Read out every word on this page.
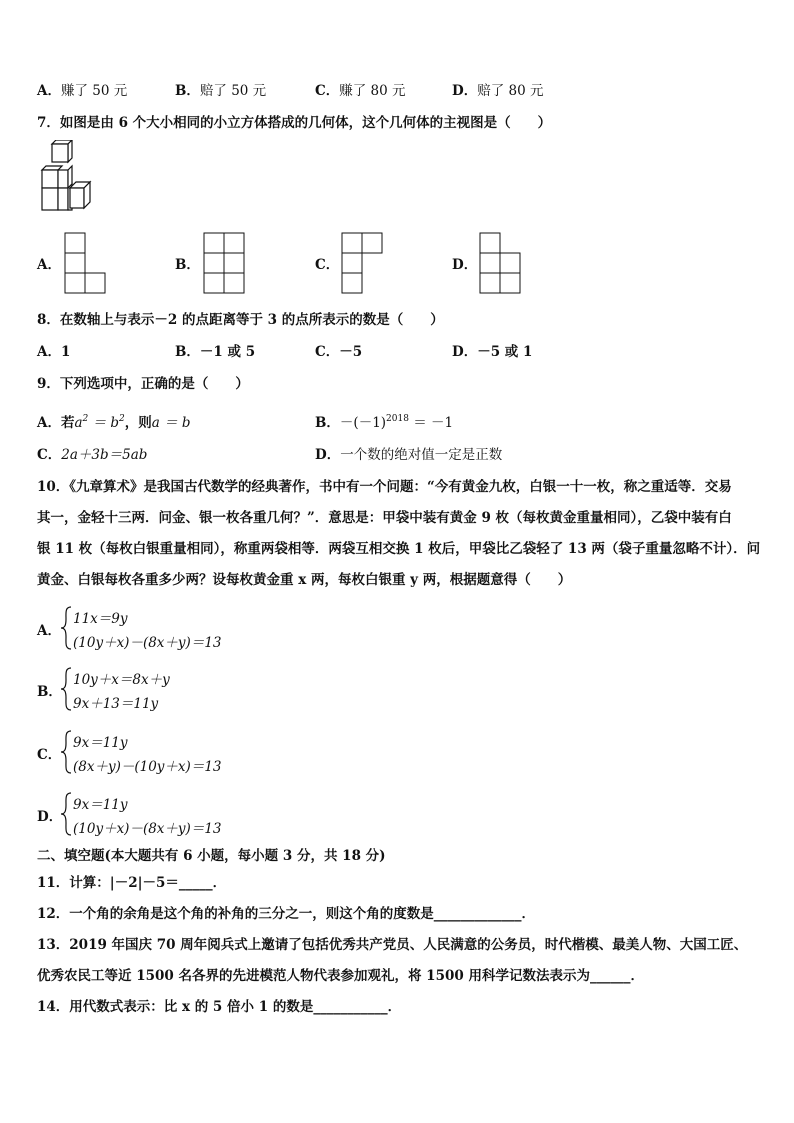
A．赚了 50 元	B．赔了 50 元	C．赚了 80 元	D．赔了 80 元
7．如图是由 6 个大小相同的小立方体搭成的几何体，这个几何体的主视图是（　　）
A．	B．	C．	D．
8．在数轴上与表示－2 的点距离等于 3 的点所表示的数是（　　）
A．1	B．－1 或 5	C．－5	D．－5 或 1
9．下列选项中，正确的是（　　）
A．若$a^2 = b^2$，则a ＝ b	B．$-(-1)^{2018} = -1$
C．2a＋3b＝5ab	D．一个数的绝对值一定是正数
10．《九章算术》是我国古代数学的经典著作，书中有一个问题：“今有黄金九枚，白银一十一枚，称之重适等．交易
其一，金轻十三两．问金、银一枚各重几何？”．意思是：甲袋中装有黄金 9 枚（每枚黄金重量相同），乙袋中装有白
银 11 枚（每枚白银重量相同），称重两袋相等．两袋互相交换 1 枚后，甲袋比乙袋轻了 13 两（袋子重量忽略不计）．问
黄金、白银每枚各重多少两？设每枚黄金重 x 两，每枚白银重 y 两，根据题意得（　　）
A．
11x＝9y
(10y＋x)－(8x＋y)＝13
B．
10y＋x＝8x＋y
9x＋13＝11y
C．
9x＝11y
(8x＋y)－(10y＋x)＝13
D．
9x＝11y
(10y＋x)－(8x＋y)＝13
二、填空题(本大题共有 6 小题，每小题 3 分，共 18 分)
11．计算：|－2|－5＝_____．
12．一个角的余角是这个角的补角的三分之一，则这个角的度数是_____________．
13．2019 年国庆 70 周年阅兵式上邀请了包括优秀共产党员、人民满意的公务员，时代楷模、最美人物、大国工匠、
优秀农民工等近 1500 名各界的先进模范人物代表参加观礼，将 1500 用科学记数法表示为______．
14．用代数式表示：比 x 的 5 倍小 1 的数是___________．
